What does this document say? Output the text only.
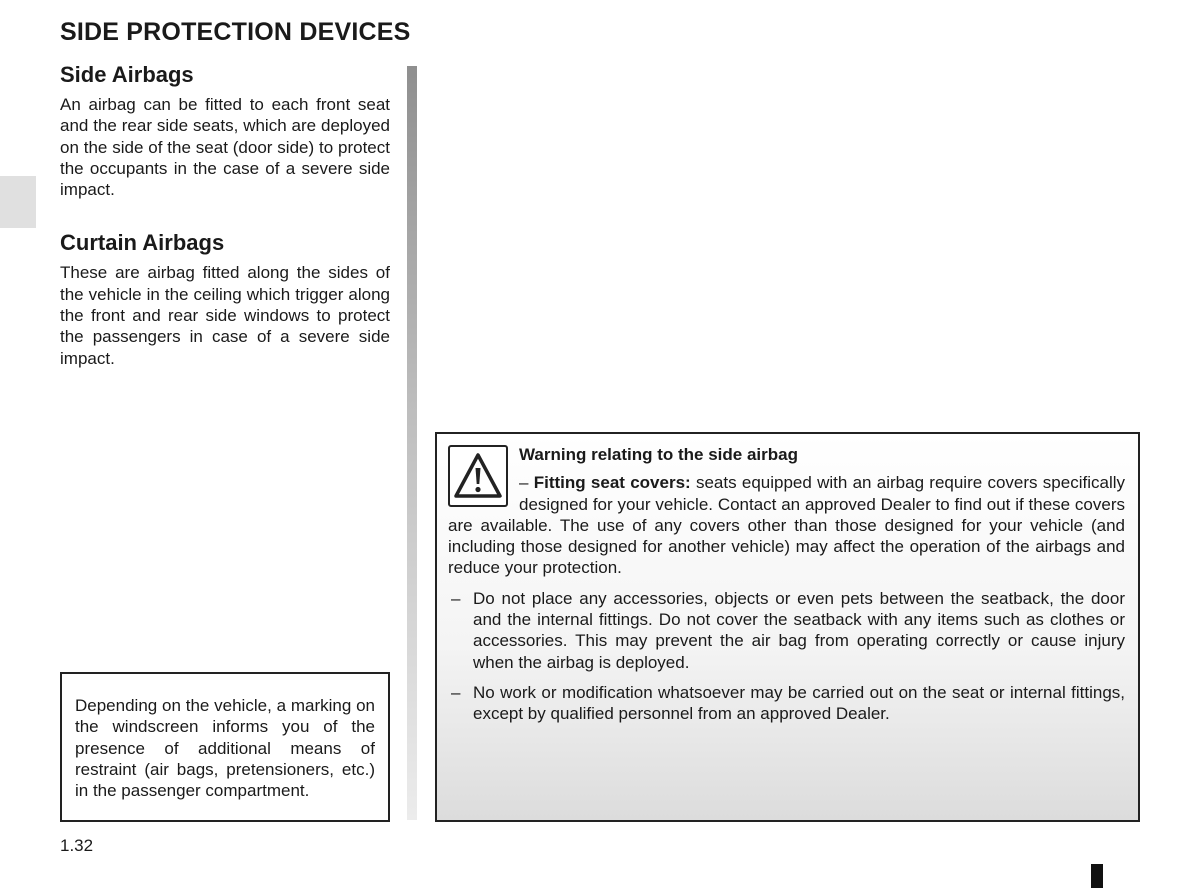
SIDE PROTECTION DEVICES
Side Airbags

An airbag can be fitted to each front seat and the rear side seats, which are deployed on the side of the seat (door side) to protect the occupants in the case of a severe side impact.

Curtain Airbags

These are airbag fitted along the sides of the vehicle in the ceiling which trigger along the front and rear side windows to protect the passengers in case of a severe side impact.

Depending on the vehicle, a marking on the windscreen informs you of the presence of additional means of restraint (air bags, pretensioners, etc.) in the passenger compartment.
Warning relating to the side airbag

– Fitting seat covers: seats equipped with an airbag require covers specifically designed for your vehicle. Contact an approved Dealer to find out if these covers are available. The use of any covers other than those designed for your vehicle (and including those designed for another vehicle) may affect the operation of the airbags and reduce your protection.

– Do not place any accessories, objects or even pets between the seatback, the door and the internal fittings. Do not cover the seatback with any items such as clothes or accessories. This may prevent the air bag from operating correctly or cause injury when the airbag is deployed.
– No work or modification whatsoever may be carried out on the seat or internal fittings, except by qualified personnel from an approved Dealer.
1.32
